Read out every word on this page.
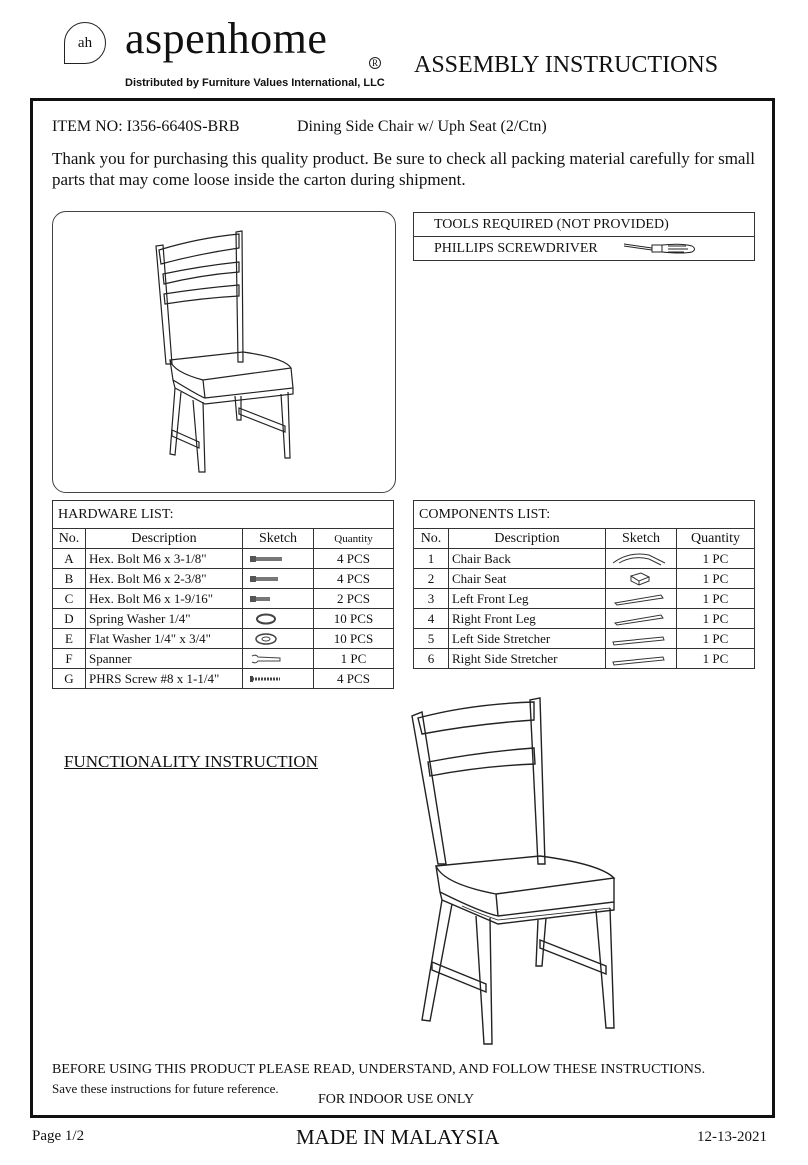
ah aspenhome	R
Distributed by Furniture Values International, LLC
ASSEMBLY INSTRUCTIONS
ITEM NO: I356-6640S-BRB	Dining Side Chair w/ Uph Seat (2/Ctn)
Thank you for purchasing this quality product. Be sure to check all packing material carefully for small parts that may come loose inside the carton during shipment.
TOOLS REQUIRED (NOT PROVIDED)
PHILLIPS SCREWDRIVER
HARDWARE LIST:			
No.	Description	Sketch	Quantity
A	Hex. Bolt M6 x 3-1/8"		4 PCS
B	Hex. Bolt M6 x 2-3/8"		4 PCS
C	Hex. Bolt M6 x 1-9/16"		2 PCS
D	Spring Washer 1/4"		10 PCS
E	Flat Washer 1/4" x 3/4"		10 PCS
F	Spanner		1 PC
G	PHRS Screw #8 x 1-1/4"		4 PCS
COMPONENTS LIST:			
No.	Description	Sketch	Quantity
1	Chair Back		1 PC
2	Chair Seat		1 PC
3	Left Front Leg		1 PC
4	Right Front Leg		1 PC
5	Left Side Stretcher		1 PC
6	Right Side Stretcher		1 PC
FUNCTIONALITY INSTRUCTION
BEFORE USING THIS PRODUCT PLEASE READ, UNDERSTAND, AND FOLLOW THESE INSTRUCTIONS.
Save these instructions for future reference.
FOR INDOOR USE ONLY
Page 1/2	MADE IN MALAYSIA	12-13-2021
